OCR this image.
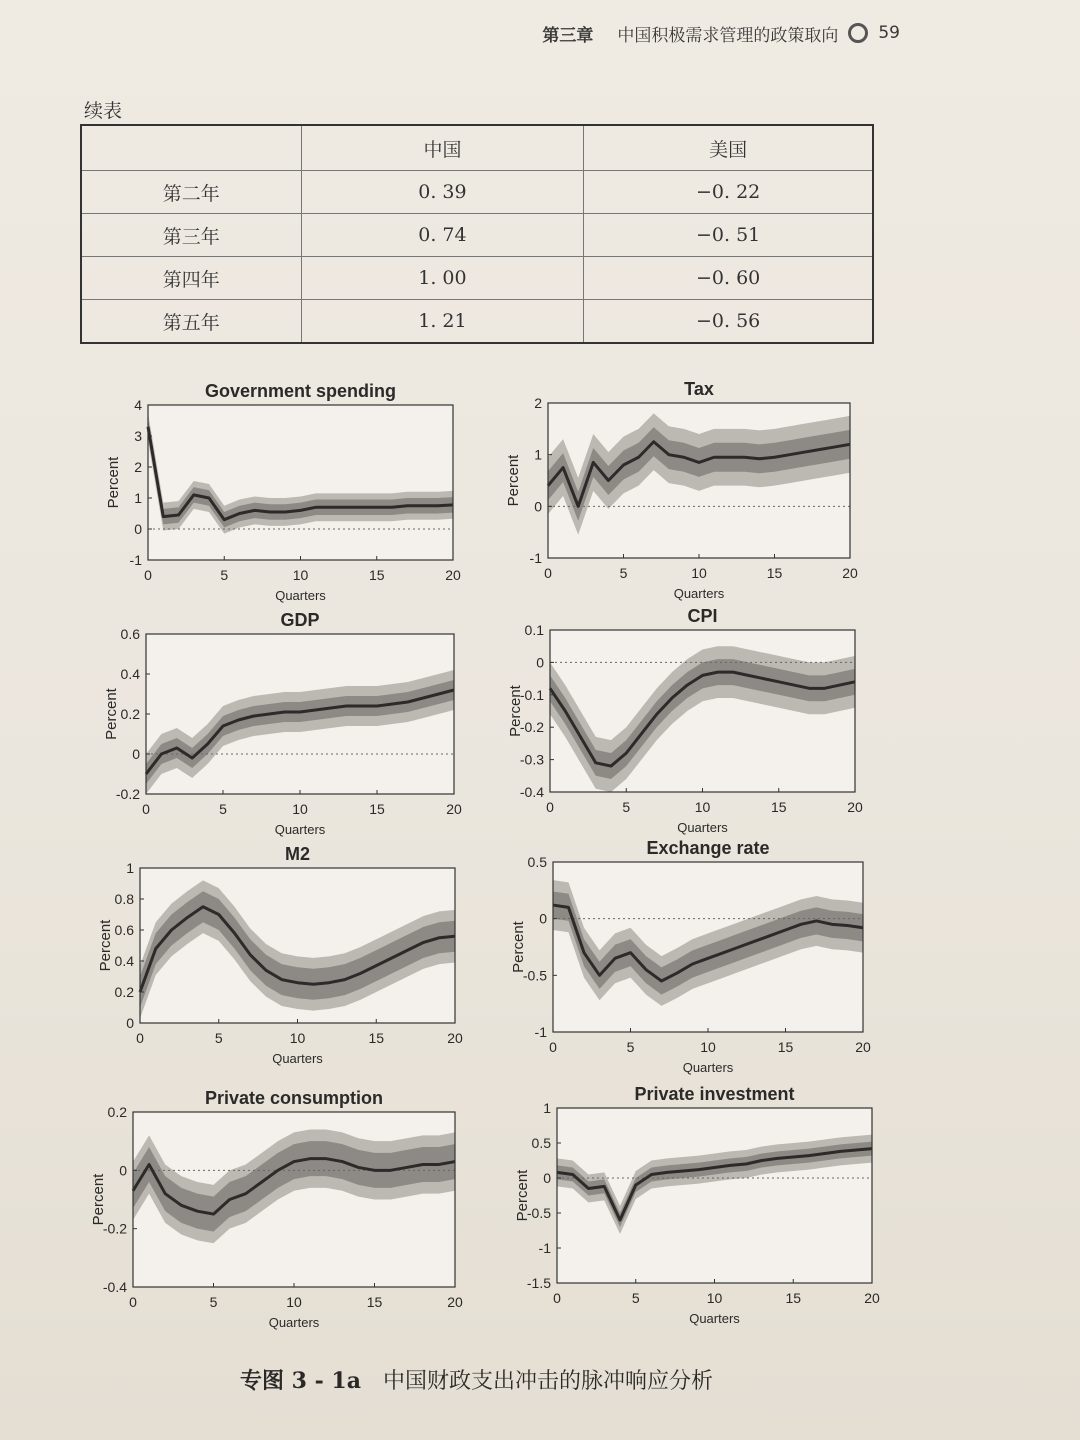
第三章 中国积极需求管理的政策取向 59
续表
	中国	美国
第二年	0. 39	−0. 22
第三年	0. 74	−0. 51
第四年	1. 00	−0. 60
第五年	1. 21	−0. 56
0	5	10	15	20
-1
0
1
2
3
4
Government spending
Quarters
Percent
0	5	10	15	20
-1
0
1
2
Tax
Quarters
Percent
0	5	10	15	20
-0.2
0
0.2
0.4
0.6
GDP
Quarters
Percent
0	5	10	15	20
-0.4
-0.3
-0.2
-0.1
0
0.1
CPI
Quarters
Percent
0	5	10	15	20
0
0.2
0.4
0.6
0.8
1
M2
Quarters
Percent
0	5	10	15	20
-1
-0.5
0
0.5
Exchange rate
Quarters
Percent
0	5	10	15	20
-0.4
-0.2
0
0.2
Private consumption
Quarters
Percent
0	5	10	15	20
-1.5
-1
-0.5
0
0.5
1
Private investment
Quarters
Percent
专图 3 - 1a 中国财政支出冲击的脉冲响应分析
